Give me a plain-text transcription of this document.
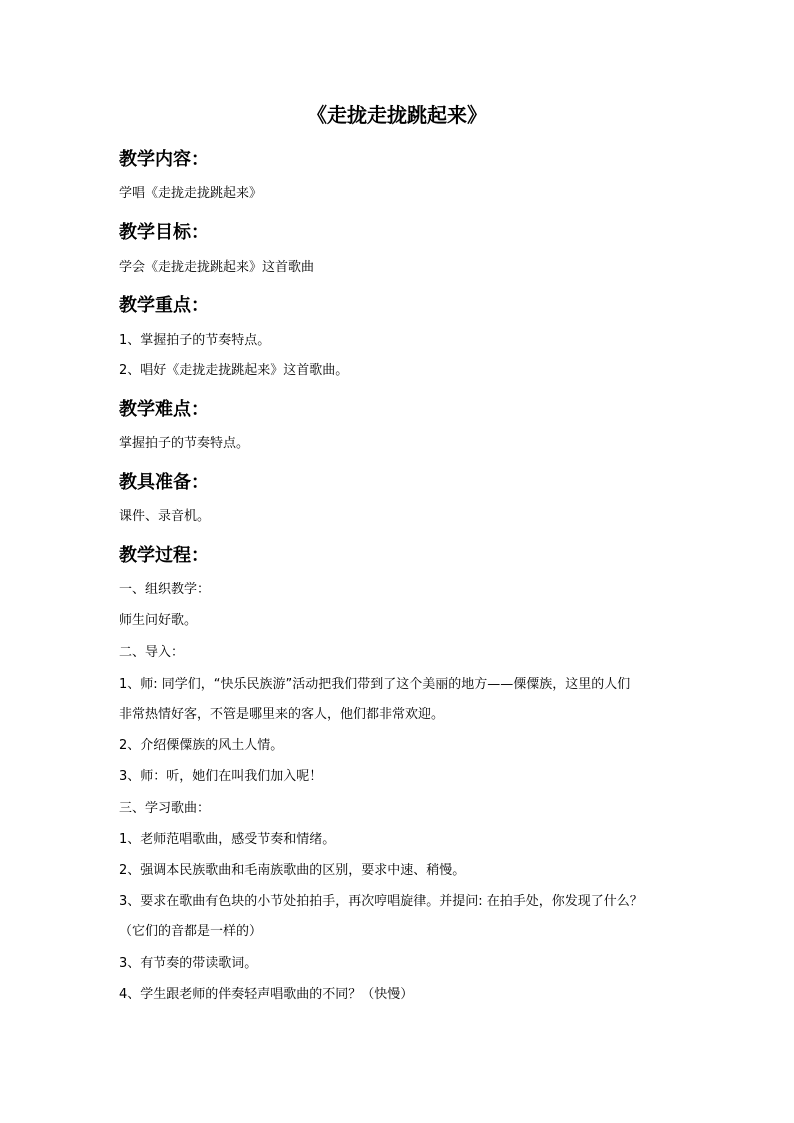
《走拢走拢跳起来》
教学内容：
学唱《走拢走拢跳起来》
教学目标：
学会《走拢走拢跳起来》这首歌曲
教学重点：
1、掌握拍子的节奏特点。
2、唱好《走拢走拢跳起来》这首歌曲。
教学难点：
掌握拍子的节奏特点。
教具准备：
课件、录音机。
教学过程：
一、组织教学：
师生问好歌。
二、导入：
1、师: 同学们，“快乐民族游”活动把我们带到了这个美丽的地方——傈僳族，这里的人们
非常热情好客，不管是哪里来的客人，他们都非常欢迎。
2、介绍傈僳族的风土人情。
3、师：听，她们在叫我们加入呢！
三、学习歌曲：
1、老师范唱歌曲，感受节奏和情绪。
2、强调本民族歌曲和毛南族歌曲的区别，要求中速、稍慢。
3、要求在歌曲有色块的小节处拍拍手，再次哼唱旋律。并提问: 在拍手处，你发现了什么？
（它们的音都是一样的）
3、有节奏的带读歌词。
4、学生跟老师的伴奏轻声唱歌曲的不同？（快慢）
